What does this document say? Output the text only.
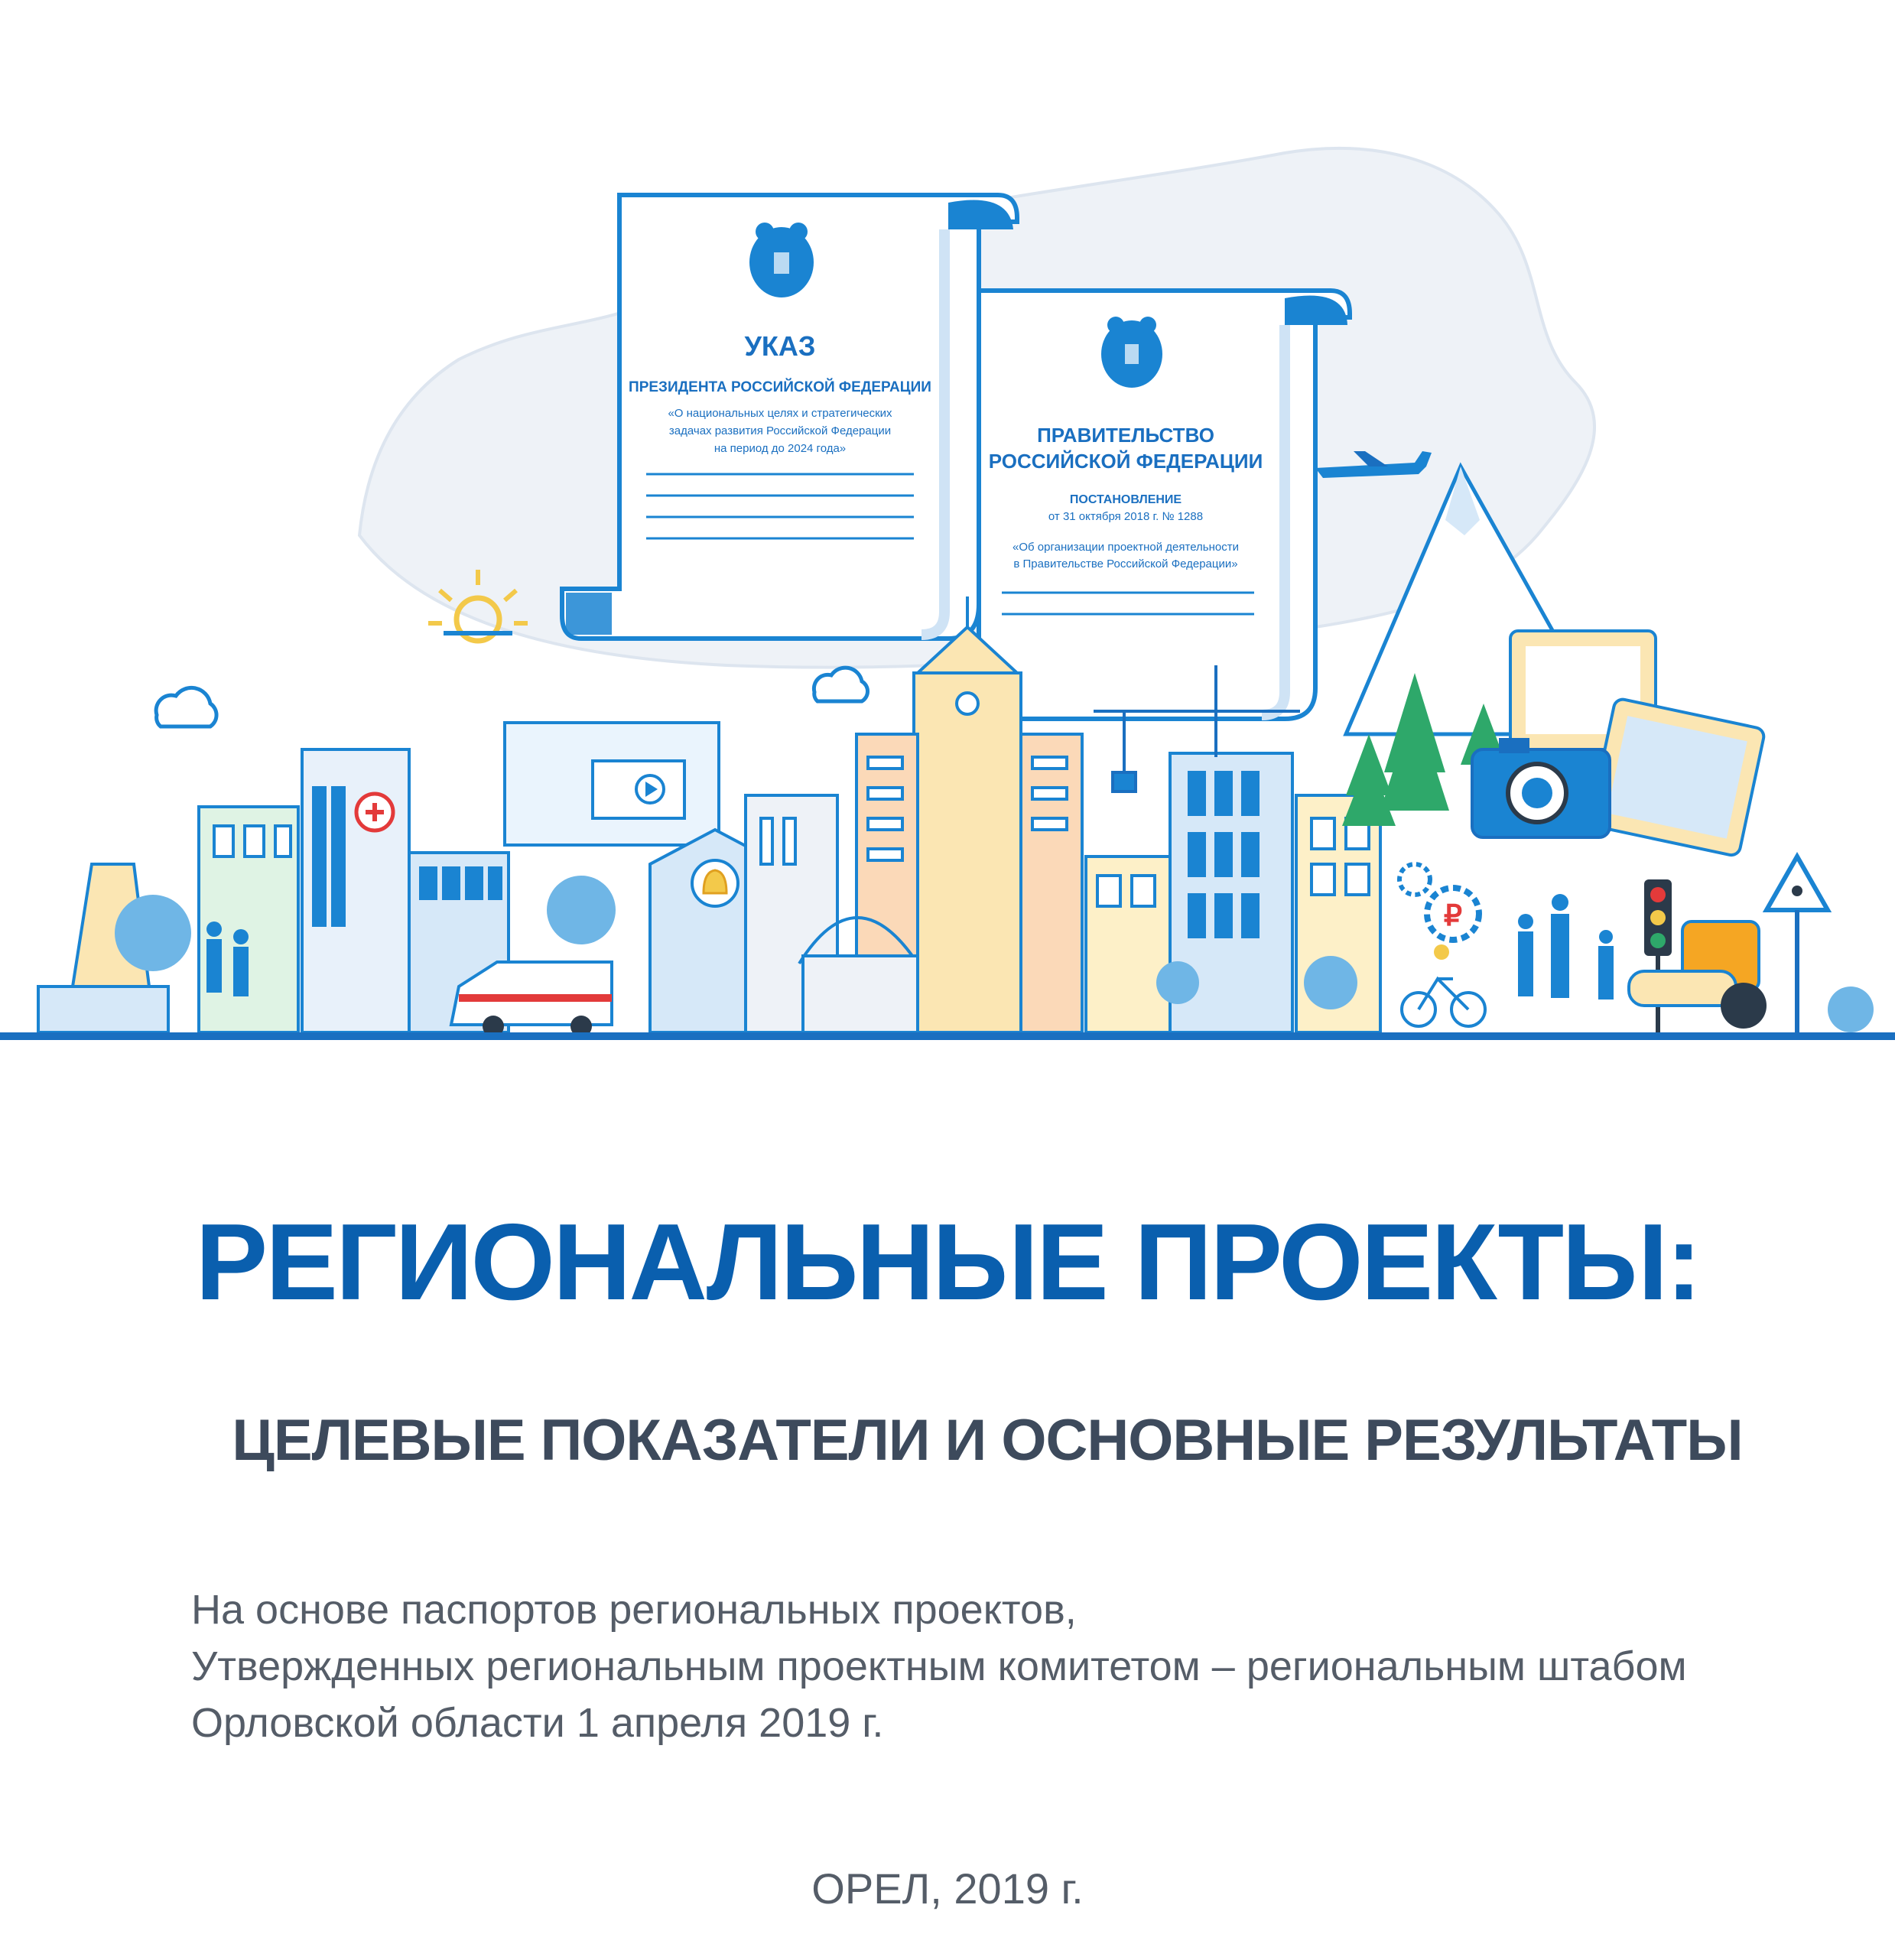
УКАЗ
ПРЕЗИДЕНТА РОССИЙСКОЙ ФЕДЕРАЦИИ
«О национальных целях и стратегических
задачах развития Российской Федерации
на период до 2024 года»
ПРАВИТЕЛЬСТВО
РОССИЙСКОЙ ФЕДЕРАЦИИ
ПОСТАНОВЛЕНИЕ
от 31 октября 2018 г. № 1288
«Об организации проектной деятельности
в Правительстве Российской Федерации»
₽
РЕГИОНАЛЬНЫЕ ПРОЕКТЫ:
ЦЕЛЕВЫЕ ПОКАЗАТЕЛИ И ОСНОВНЫЕ РЕЗУЛЬТАТЫ
На основе паспортов региональных проектов,
Утвержденных региональным проектным комитетом – региональным штабом
Орловской области 1 апреля 2019 г.
ОРЕЛ, 2019 г.
